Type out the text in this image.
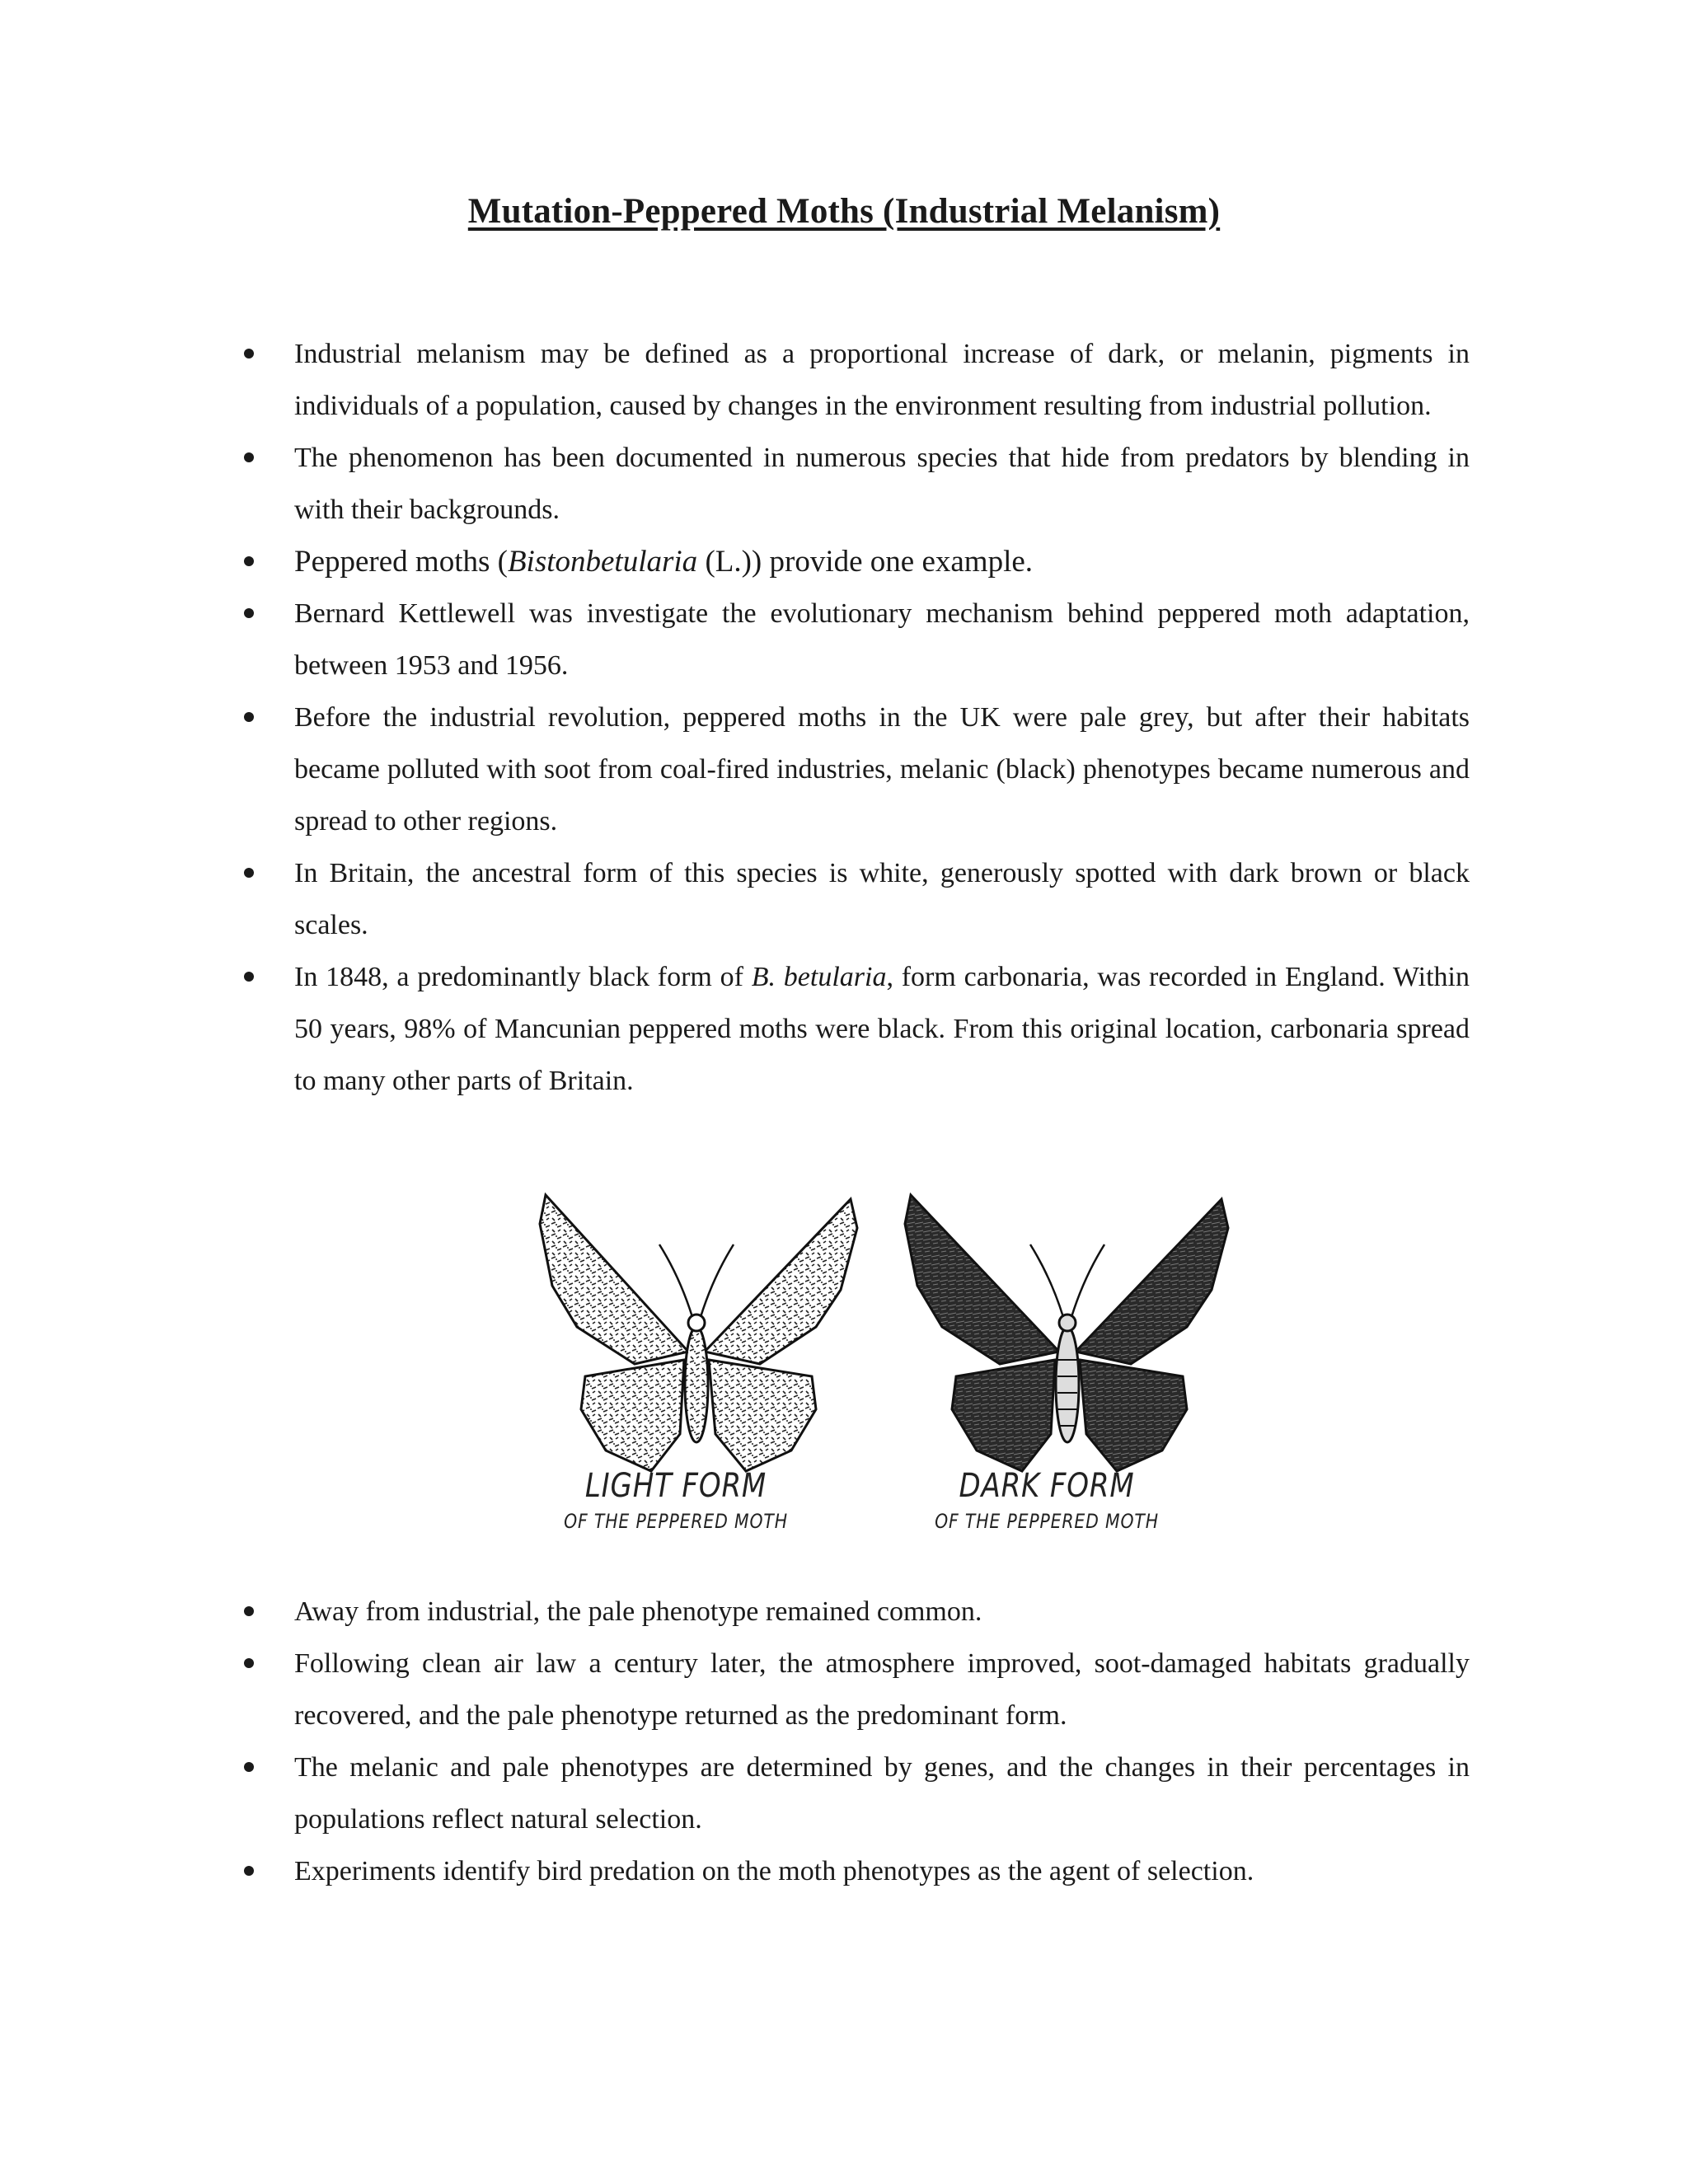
Mutation-Peppered Moths (Industrial Melanism)
Industrial melanism may be defined as a proportional increase of dark, or melanin, pigments in individuals of a population, caused by changes in the environment resulting from industrial pollution.
The phenomenon has been documented in numerous species that hide from predators by blending in with their backgrounds.
Peppered moths (Bistonbetularia (L.)) provide one example.
Bernard Kettlewell was investigate the evolutionary mechanism behind peppered moth adaptation, between 1953 and 1956.
Before the industrial revolution, peppered moths in the UK were pale grey, but after their habitats became polluted with soot from coal-fired industries, melanic (black) phenotypes became numerous and spread to other regions.
In Britain, the ancestral form of this species is white, generously spotted with dark brown or black scales.
In 1848, a predominantly black form of B. betularia, form carbonaria, was recorded in England. Within 50 years, 98% of Mancunian peppered moths were black. From this original location, carbonaria spread to many other parts of Britain.
LIGHT FORM
OF THE PEPPERED MOTH
DARK FORM
OF THE PEPPERED MOTH
Away from industrial, the pale phenotype remained common.
Following clean air law a century later, the atmosphere improved, soot-damaged habitats gradually recovered, and the pale phenotype returned as the predominant form.
The melanic and pale phenotypes are determined by genes, and the changes in their percentages in populations reflect natural selection.
Experiments identify bird predation on the moth phenotypes as the agent of selection.
